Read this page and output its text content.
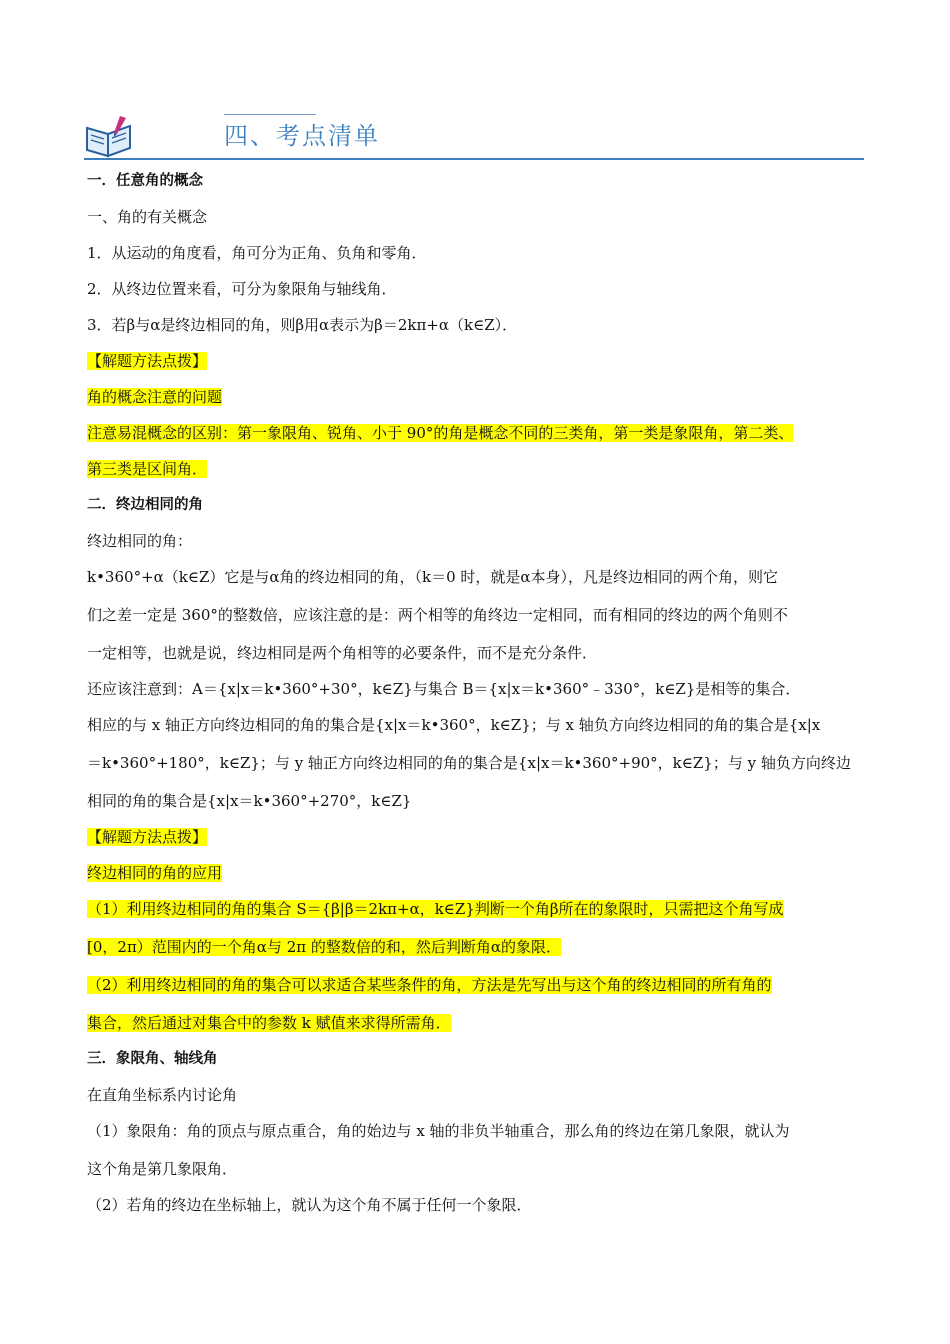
四、考点清单
一．任意角的概念
一、角的有关概念
1．从运动的角度看，角可分为正角、负角和零角．
2．从终边位置来看，可分为象限角与轴线角．
3．若β与α是终边相同的角，则β用α表示为β＝2kπ+α（k∈Z）．
【解题方法点拨】
角的概念注意的问题
注意易混概念的区别：第一象限角、锐角、小于 90°的角是概念不同的三类角，第一类是象限角，第二类、
第三类是区间角．
二．终边相同的角
终边相同的角：
k•360°+α（k∈Z）它是与α角的终边相同的角，（k＝0 时，就是α本身），凡是终边相同的两个角，则它
们之差一定是 360°的整数倍，应该注意的是：两个相等的角终边一定相同，而有相同的终边的两个角则不
一定相等，也就是说，终边相同是两个角相等的必要条件，而不是充分条件．
还应该注意到：A＝{x|x＝k•360°+30°，k∈Z}与集合 B＝{x|x＝k•360°﹣330°，k∈Z}是相等的集合．
相应的与 x 轴正方向终边相同的角的集合是{x|x＝k•360°，k∈Z}；与 x 轴负方向终边相同的角的集合是{x|x
＝k•360°+180°，k∈Z}；与 y 轴正方向终边相同的角的集合是{x|x＝k•360°+90°，k∈Z}；与 y 轴负方向终边
相同的角的集合是{x|x＝k•360°+270°，k∈Z}
【解题方法点拨】
终边相同的角的应用
（1）利用终边相同的角的集合 S＝{β|β＝2kπ+α，k∈Z}判断一个角β所在的象限时，只需把这个角写成
[0，2π）范围内的一个角α与 2π 的整数倍的和，然后判断角α的象限．
（2）利用终边相同的角的集合可以求适合某些条件的角，方法是先写出与这个角的终边相同的所有角的
集合，然后通过对集合中的参数 k 赋值来求得所需角．
三．象限角、轴线角
在直角坐标系内讨论角
（1）象限角：角的顶点与原点重合，角的始边与 x 轴的非负半轴重合，那么角的终边在第几象限，就认为
这个角是第几象限角．
（2）若角的终边在坐标轴上，就认为这个角不属于任何一个象限．
